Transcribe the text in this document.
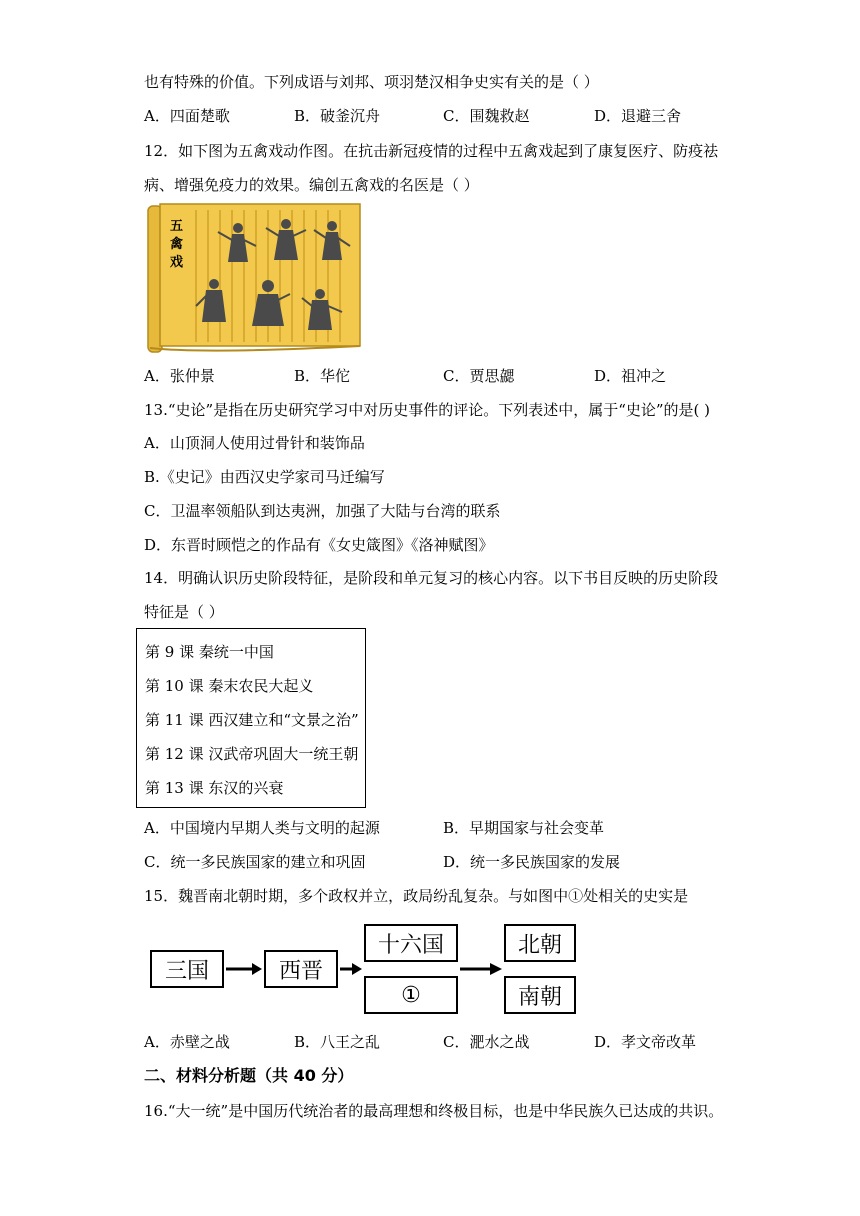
也有特殊的价值。下列成语与刘邦、项羽楚汉相争史实有关的是（ ）
A．四面楚歌	B．破釜沉舟	C．围魏救赵	D．退避三舍
12．如下图为五禽戏动作图。在抗击新冠疫情的过程中五禽戏起到了康复医疗、防疫祛
病、增强免疫力的效果。编创五禽戏的名医是（ ）
五禽戏
A．张仲景	B．华佗	C．贾思勰	D．祖冲之
13.“史论”是指在历史研究学习中对历史事件的评论。下列表述中，属于“史论”的是( )
A．山顶洞人使用过骨针和装饰品
B.《史记》由西汉史学家司马迁编写
C．卫温率领船队到达夷洲，加强了大陆与台湾的联系
D．东晋时顾恺之的作品有《女史箴图》《洛神赋图》
14．明确认识历史阶段特征，是阶段和单元复习的核心内容。以下书目反映的历史阶段
特征是（ ）
第 9 课 秦统一中国
第 10 课 秦末农民大起义
第 11 课 西汉建立和“文景之治”
第 12 课 汉武帝巩固大一统王朝
第 13 课 东汉的兴衰
A．中国境内早期人类与文明的起源	B．早期国家与社会变革
C．统一多民族国家的建立和巩固	D．统一多民族国家的发展
15．魏晋南北朝时期，多个政权并立，政局纷乱复杂。与如图中①处相关的史实是
三国	西晋
十六国
①
北朝
南朝
A．赤壁之战	B．八王之乱	C．淝水之战	D．孝文帝改革
二、材料分析题（共 40 分）
16.“大一统”是中国历代统治者的最高理想和终极目标，也是中华民族久已达成的共识。
